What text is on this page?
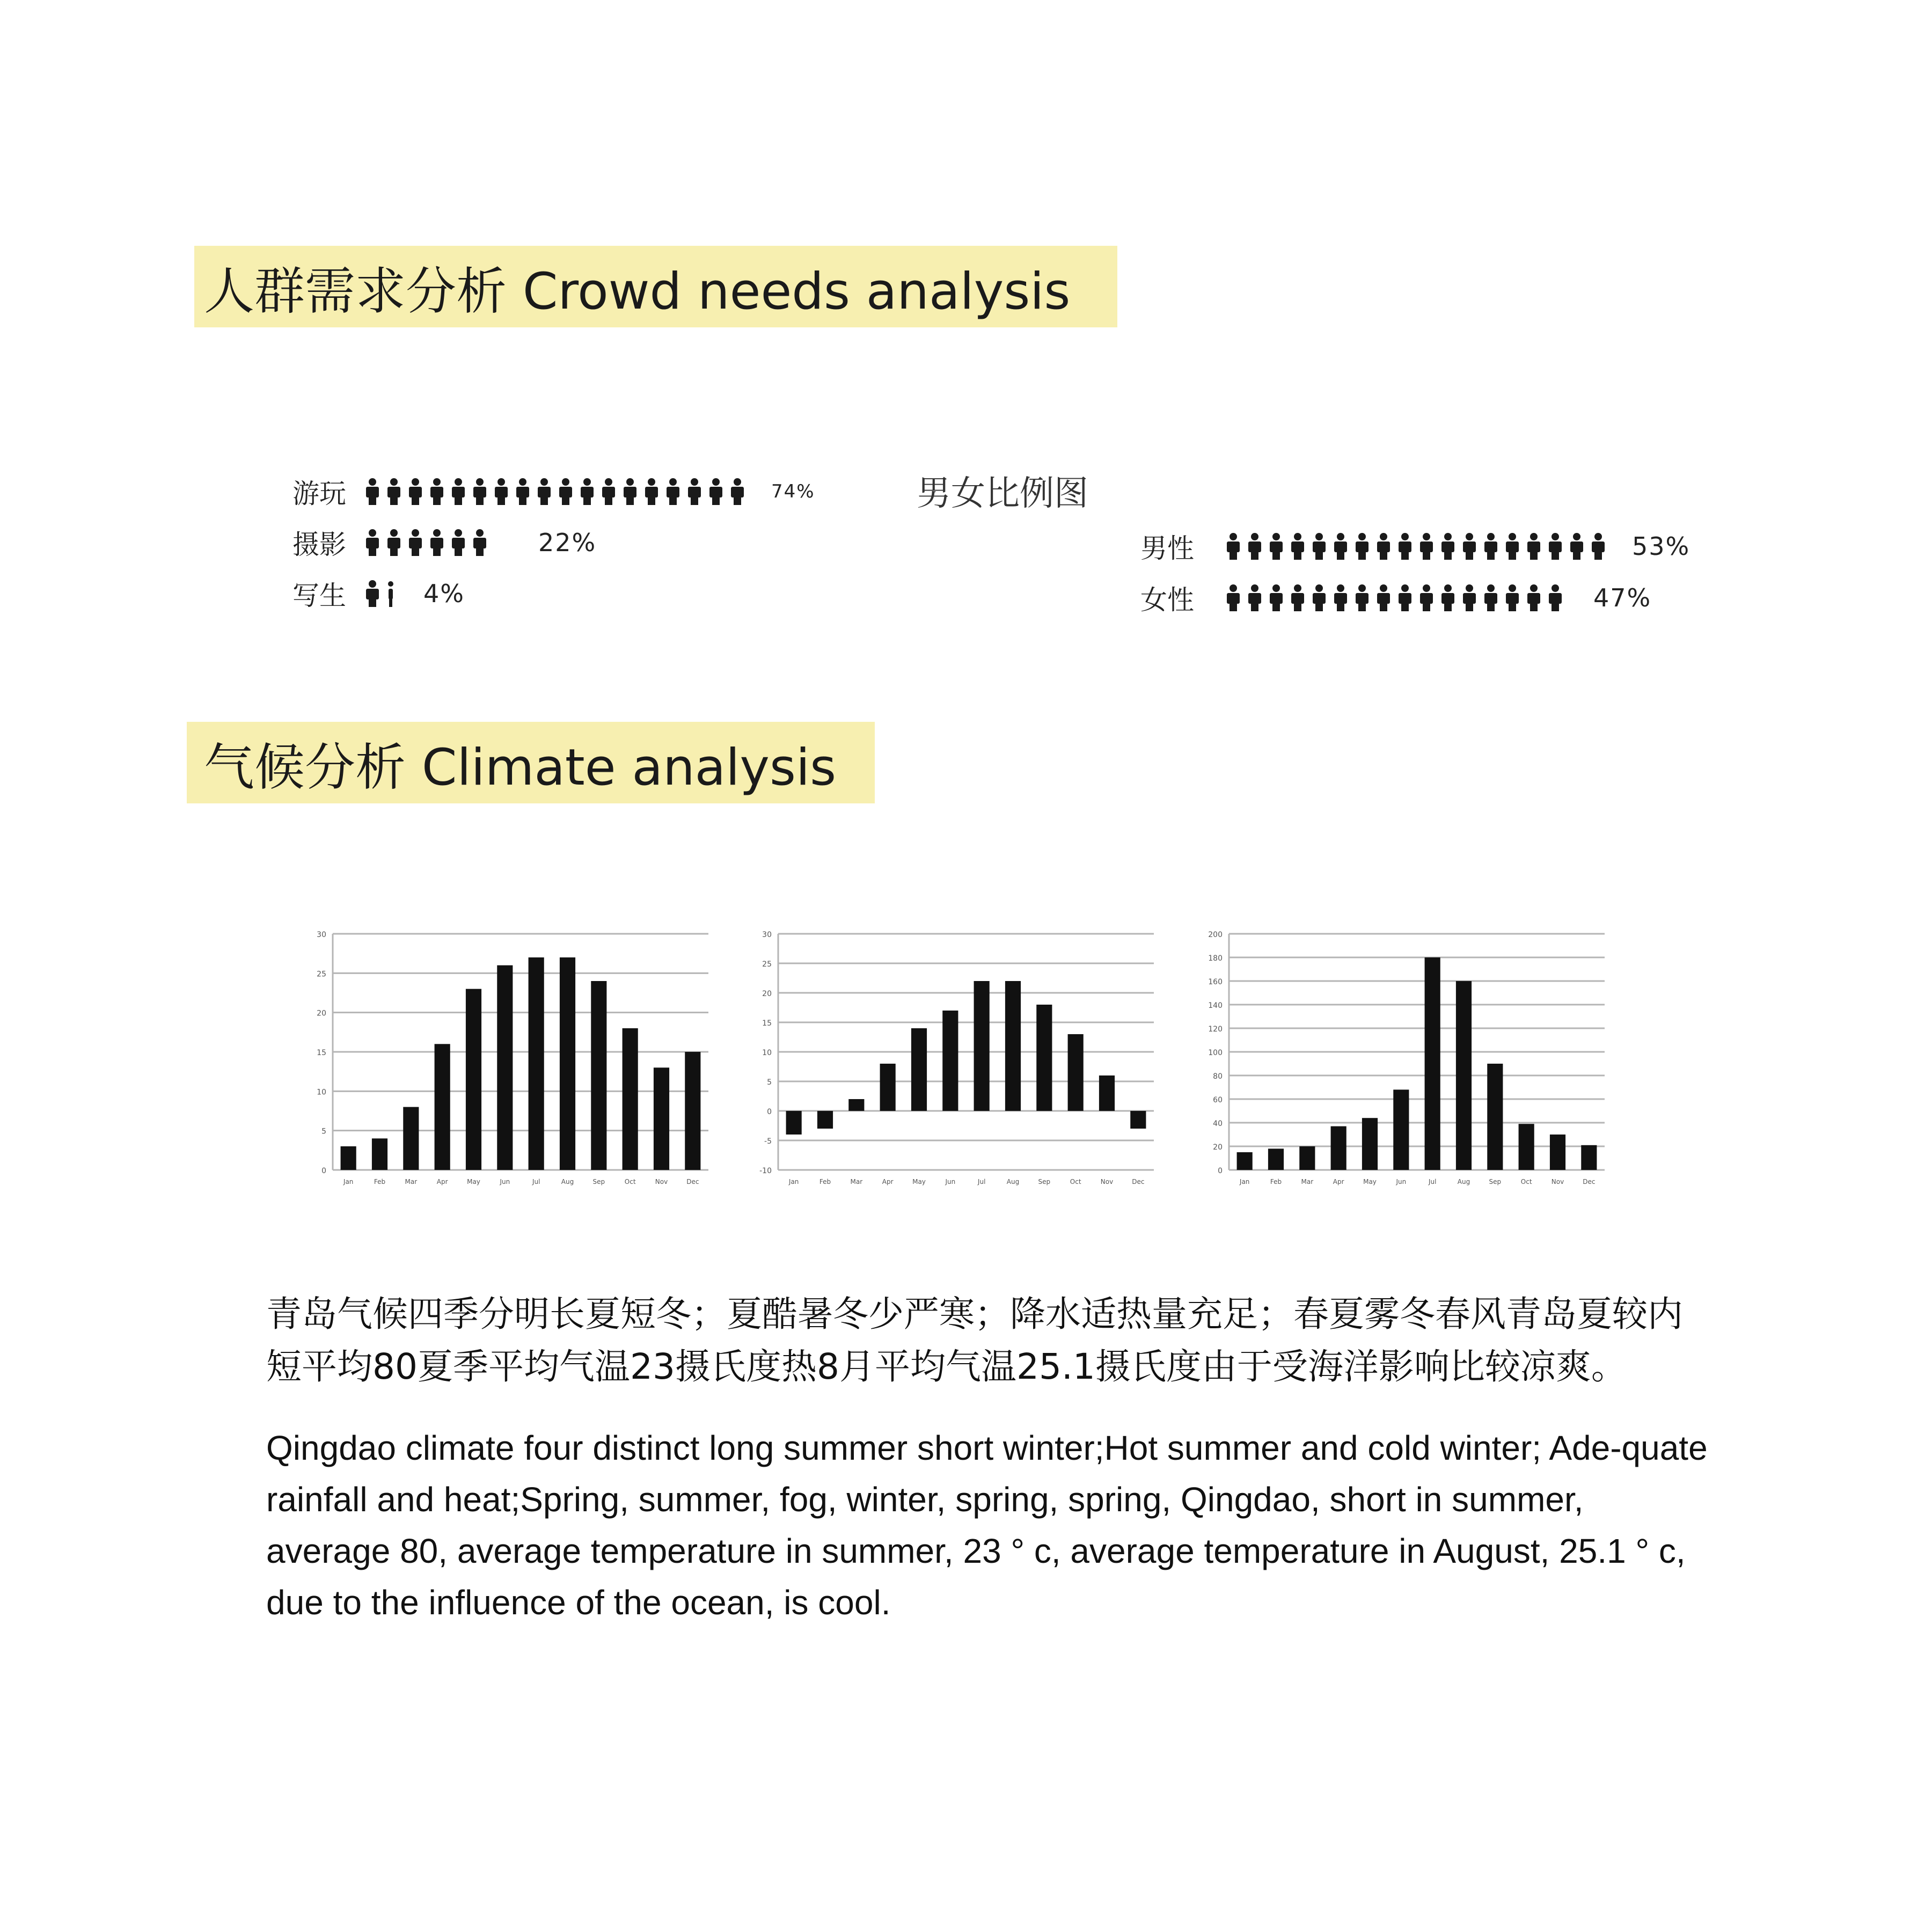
人群需求分析 Crowd needs analysis
游玩	74%
摄影	22%
写生	4%
男女比例图
男性	53%
女性	47%
气候分析 Climate analysis
0
5
10
15
20
25
30
Jan	Feb	Mar	Apr	May	Jun	Jul	Aug	Sep	Oct	Nov	Dec
-10
-5
0
5
10
15
20
25
30
Jan	Feb	Mar	Apr	May	Jun	Jul	Aug	Sep	Oct	Nov	Dec
0
20
40
60
80
100
120
140
160
180
200
Jan	Feb	Mar	Apr	May	Jun	Jul	Aug	Sep	Oct	Nov	Dec
青岛气候四季分明长夏短冬；夏酷暑冬少严寒；降水适热量充足；春夏雾冬春风青岛夏较内短平均80夏季平均气温23摄氏度热8月平均气温25.1摄氏度由于受海洋影响比较凉爽。
Qingdao climate four distinct long summer short winter;Hot summer and cold winter; Ade-quate rainfall and heat;Spring, summer, fog, winter, spring, spring, Qingdao, short in summer, average 80, average temperature in summer, 23 ° c, average temperature in August, 25.1 ° c, due to the influence of the ocean, is cool.
